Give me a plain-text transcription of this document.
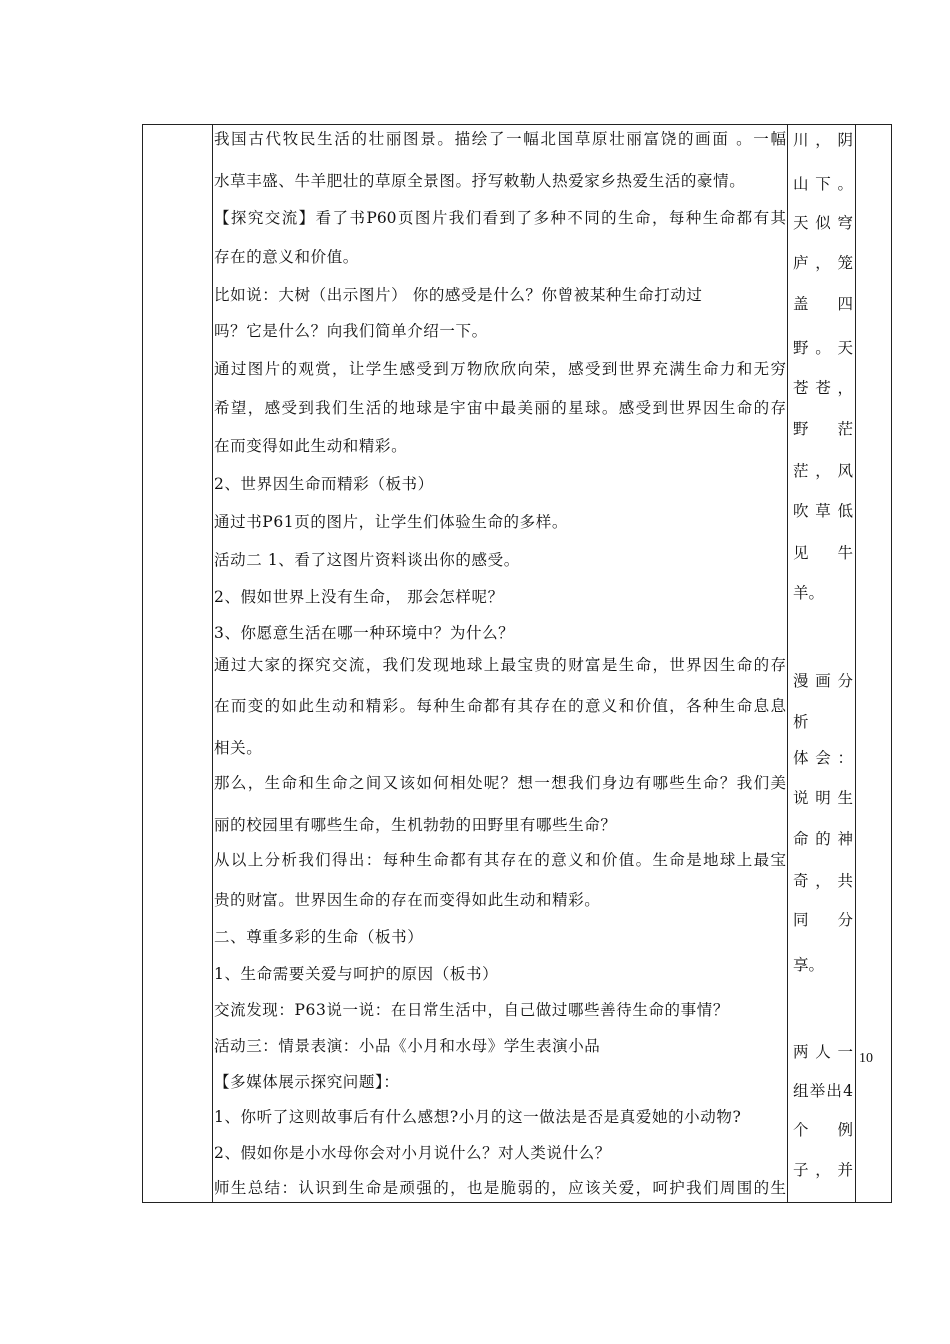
我国古代牧民生活的壮丽图景。描绘了一幅北国草原壮丽富饶的画面 。一幅
水草丰盛、牛羊肥壮的草原全景图。抒写敕勒人热爱家乡热爱生活的豪情。
【探究交流】看了书P60页图片我们看到了多种不同的生命，每种生命都有其
存在的意义和价值。
比如说：大树（出示图片） 你的感受是什么？你曾被某种生命打动过
吗？它是什么？向我们简单介绍一下。
通过图片的观赏，让学生感受到万物欣欣向荣，感受到世界充满生命力和无穷
希望，感受到我们生活的地球是宇宙中最美丽的星球。感受到世界因生命的存
在而变得如此生动和精彩。
2、世界因生命而精彩（板书）
通过书P61页的图片，让学生们体验生命的多样。
活动二 1、看了这图片资料谈出你的感受。
2、假如世界上没有生命， 那会怎样呢？
3、你愿意生活在哪一种环境中？为什么？
通过大家的探究交流，我们发现地球上最宝贵的财富是生命，世界因生命的存
在而变的如此生动和精彩。每种生命都有其存在的意义和价值，各种生命息息
相关。
那么，生命和生命之间又该如何相处呢？想一想我们身边有哪些生命？我们美
丽的校园里有哪些生命，生机勃勃的田野里有哪些生命？
从以上分析我们得出：每种生命都有其存在的意义和价值。生命是地球上最宝
贵的财富。世界因生命的存在而变得如此生动和精彩。
二、尊重多彩的生命（板书）
1、生命需要关爱与呵护的原因（板书）
交流发现：P63说一说：在日常生活中，自己做过哪些善待生命的事情？
活动三：情景表演：小品《小月和水母》学生表演小品
【多媒体展示探究问题】：
1、你听了这则故事后有什么感想?小月的这一做法是否是真爱她的小动物?
2、假如你是小水母你会对小月说什么？对人类说什么？
师生总结：认识到生命是顽强的，也是脆弱的，应该关爱，呵护我们周围的生
川，阴
山下。
天似穹
庐，笼
盖四
野。天
苍苍，
野茫
茫，风
吹草低
见牛
羊。
漫画分
析
体会：
说明生
命的神
奇，共
同分
享。
两人一
组举出4
个例
子，并
10
